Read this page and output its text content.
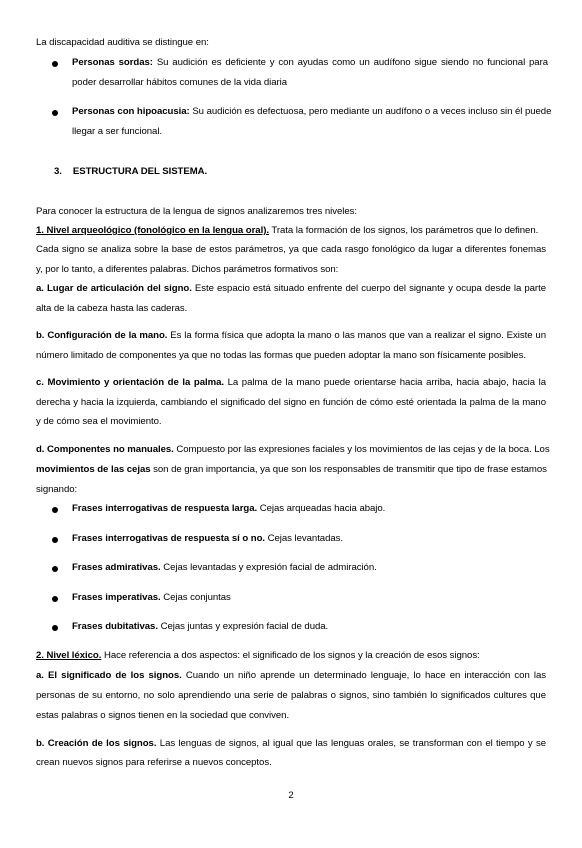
La discapacidad auditiva se distingue en:
Personas sordas: Su audición es deficiente y con ayudas como un audífono sigue siendo no funcional para
poder desarrollar hábitos comunes de la vida diaria
Personas con hipoacusia: Su audición es defectuosa, pero mediante un audífono o a veces incluso sin él puede
llegar a ser funcional.
3. ESTRUCTURA DEL SISTEMA.
Para conocer la estructura de la lengua de signos analizaremos tres niveles:
1. Nivel arqueológico (fonológico en la lengua oral). Trata la formación de los signos, los parámetros que lo definen.
Cada signo se analiza sobre la base de estos parámetros, ya que cada rasgo fonológico da lugar a diferentes fonemas
y, por lo tanto, a diferentes palabras. Dichos parámetros formativos son:
a. Lugar de articulación del signo. Este espacio está situado enfrente del cuerpo del signante y ocupa desde la parte
alta de la cabeza hasta las caderas.
b. Configuración de la mano. Es la forma física que adopta la mano o las manos que van a realizar el signo. Existe un
número limitado de componentes ya que no todas las formas que pueden adoptar la mano son físicamente posibles.
c. Movimiento y orientación de la palma. La palma de la mano puede orientarse hacia arriba, hacia abajo, hacia la
derecha y hacia la izquierda, cambiando el significado del signo en función de cómo esté orientada la palma de la mano
y de cómo sea el movimiento.
d. Componentes no manuales. Compuesto por las expresiones faciales y los movimientos de las cejas y de la boca. Los
movimientos de las cejas son de gran importancia, ya que son los responsables de transmitir que tipo de frase estamos
signando:
Frases interrogativas de respuesta larga. Cejas arqueadas hacia abajo.
Frases interrogativas de respuesta sí o no. Cejas levantadas.
Frases admirativas. Cejas levantadas y expresión facial de admiración.
Frases imperativas. Cejas conjuntas
Frases dubitativas. Cejas juntas y expresión facial de duda.
2. Nivel léxico. Hace referencia a dos aspectos: el significado de los signos y la creación de esos signos:
a. El significado de los signos. Cuando un niño aprende un determinado lenguaje, lo hace en interacción con las
personas de su entorno, no solo aprendiendo una serie de palabras o signos, sino también lo significados cultures que
estas palabras o signos tienen en la sociedad que conviven.
b. Creación de los signos. Las lenguas de signos, al igual que las lenguas orales, se transforman con el tiempo y se
crean nuevos signos para referirse a nuevos conceptos.
2
